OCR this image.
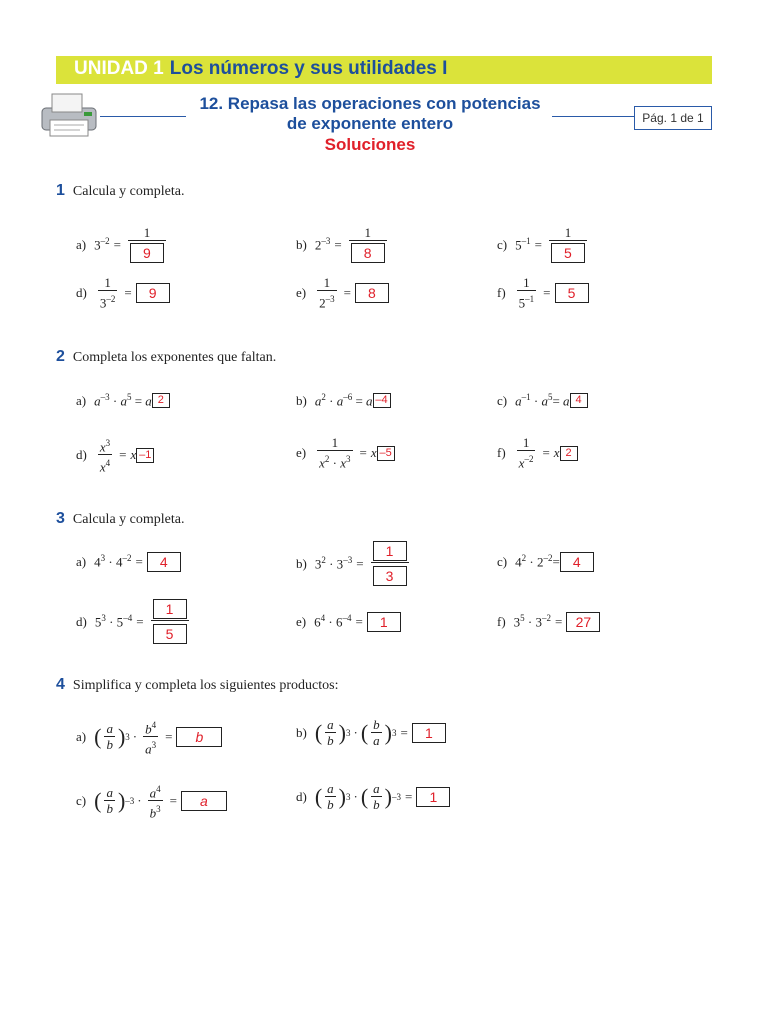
UNIDAD 1 Los números y sus utilidades I
12. Repasa las operaciones con potencias
de exponente entero
Soluciones
Pág. 1 de 1
1 Calcula y completa.
a) $3^{-2} = \frac{1}{9}$	b) $2^{-3} = \frac{1}{8}$	c) $5^{-1} = \frac{1}{5}$
$d) \frac{1}{3^{-2}}$ =	9	$e) \frac{1}{2^{-3}}$ =	8	$f) \frac{1}{5^{-1}}$ =	5
2 Completa los exponentes que faltan.
a) $a^{-3} \cdot a^5 = a$ 2	b) $a^2 \cdot a^{-6} = a$ –4	c) $a^{-1} \cdot a^5= a$ 4
$d) \frac{x^3}{x^4} = x$ –1	$e) \frac{1}{x^2 \cdot x^3} = x$ –5	$f) \frac{1}{x^{-2}} = x$ 2
3 Calcula y completa.
a) $4^3 \cdot 4^{-2}$ =	4	b) $3^2 \cdot 3^{-3} = \frac{1}{3}$	c) $4^2 \cdot 2^{-2} = 4$
d) $5^3 \cdot 5^{-4} = \frac{1}{5}$	e) $6^4 \cdot 6^{-4}$ =	1	f) $3^5 \cdot 3^{-2} = 27$
4 Simplifica y completa los siguientes productos:
a) ( $\frac{a}{b}$ ) $3 \cdot \frac{b^4}{a^3}$ =	b	b) ( $\frac{a}{b}$ ) 3 · ( $\frac{b}{a}$ ) 3 =	1
c) ( $\frac{a}{b}$ ) $-3 \cdot \frac{a^4}{b^3}$ =	a	d) ( $\frac{a}{b}$ ) 3 · ( $\frac{a}{b}$ ) –3 =	1
